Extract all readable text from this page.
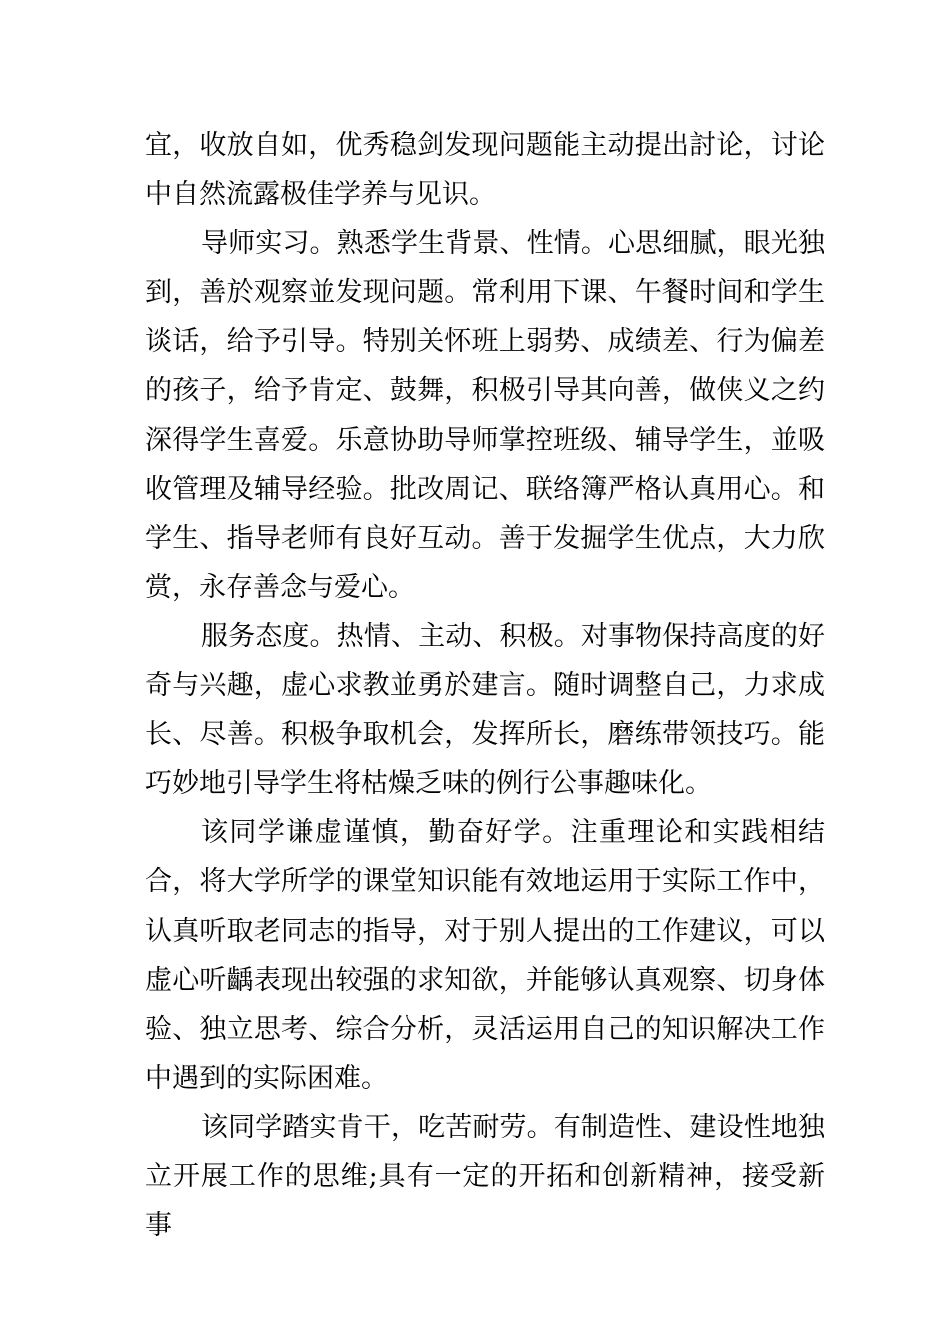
宜，收放自如，优秀稳剑发现问题能主动提出討论，讨论中自然流露极佳学养与见识。

导师实习。熟悉学生背景、性情。心思细腻，眼光独到，善於观察並发现问题。常利用下课、午餐时间和学生谈话，给予引导。特别关怀班上弱势、成绩差、行为偏差的孩子，给予肯定、鼓舞，积极引导其向善，做侠义之约深得学生喜爱。乐意协助导师掌控班级、辅导学生，並吸收管理及辅导经验。批改周记、联络簿严格认真用心。和学生、指导老师有良好互动。善于发掘学生优点，大力欣赏，永存善念与爱心。

服务态度。热情、主动、积极。对事物保持高度的好奇与兴趣，虚心求教並勇於建言。随时调整自己，力求成长、尽善。积极争取机会，发挥所长，磨练带领技巧。能巧妙地引导学生将枯燥乏味的例行公事趣味化。

该同学谦虚谨慎，勤奋好学。注重理论和实践相结合，将大学所学的课堂知识能有效地运用于实际工作中，认真听取老同志的指导，对于别人提出的工作建议，可以虚心听齲表现出较强的求知欲，并能够认真观察、切身体验、独立思考、综合分析，灵活运用自己的知识解决工作中遇到的实际困难。

该同学踏实肯干，吃苦耐劳。有制造性、建设性地独立开展工作的思维;具有一定的开拓和创新精神，接受新事
